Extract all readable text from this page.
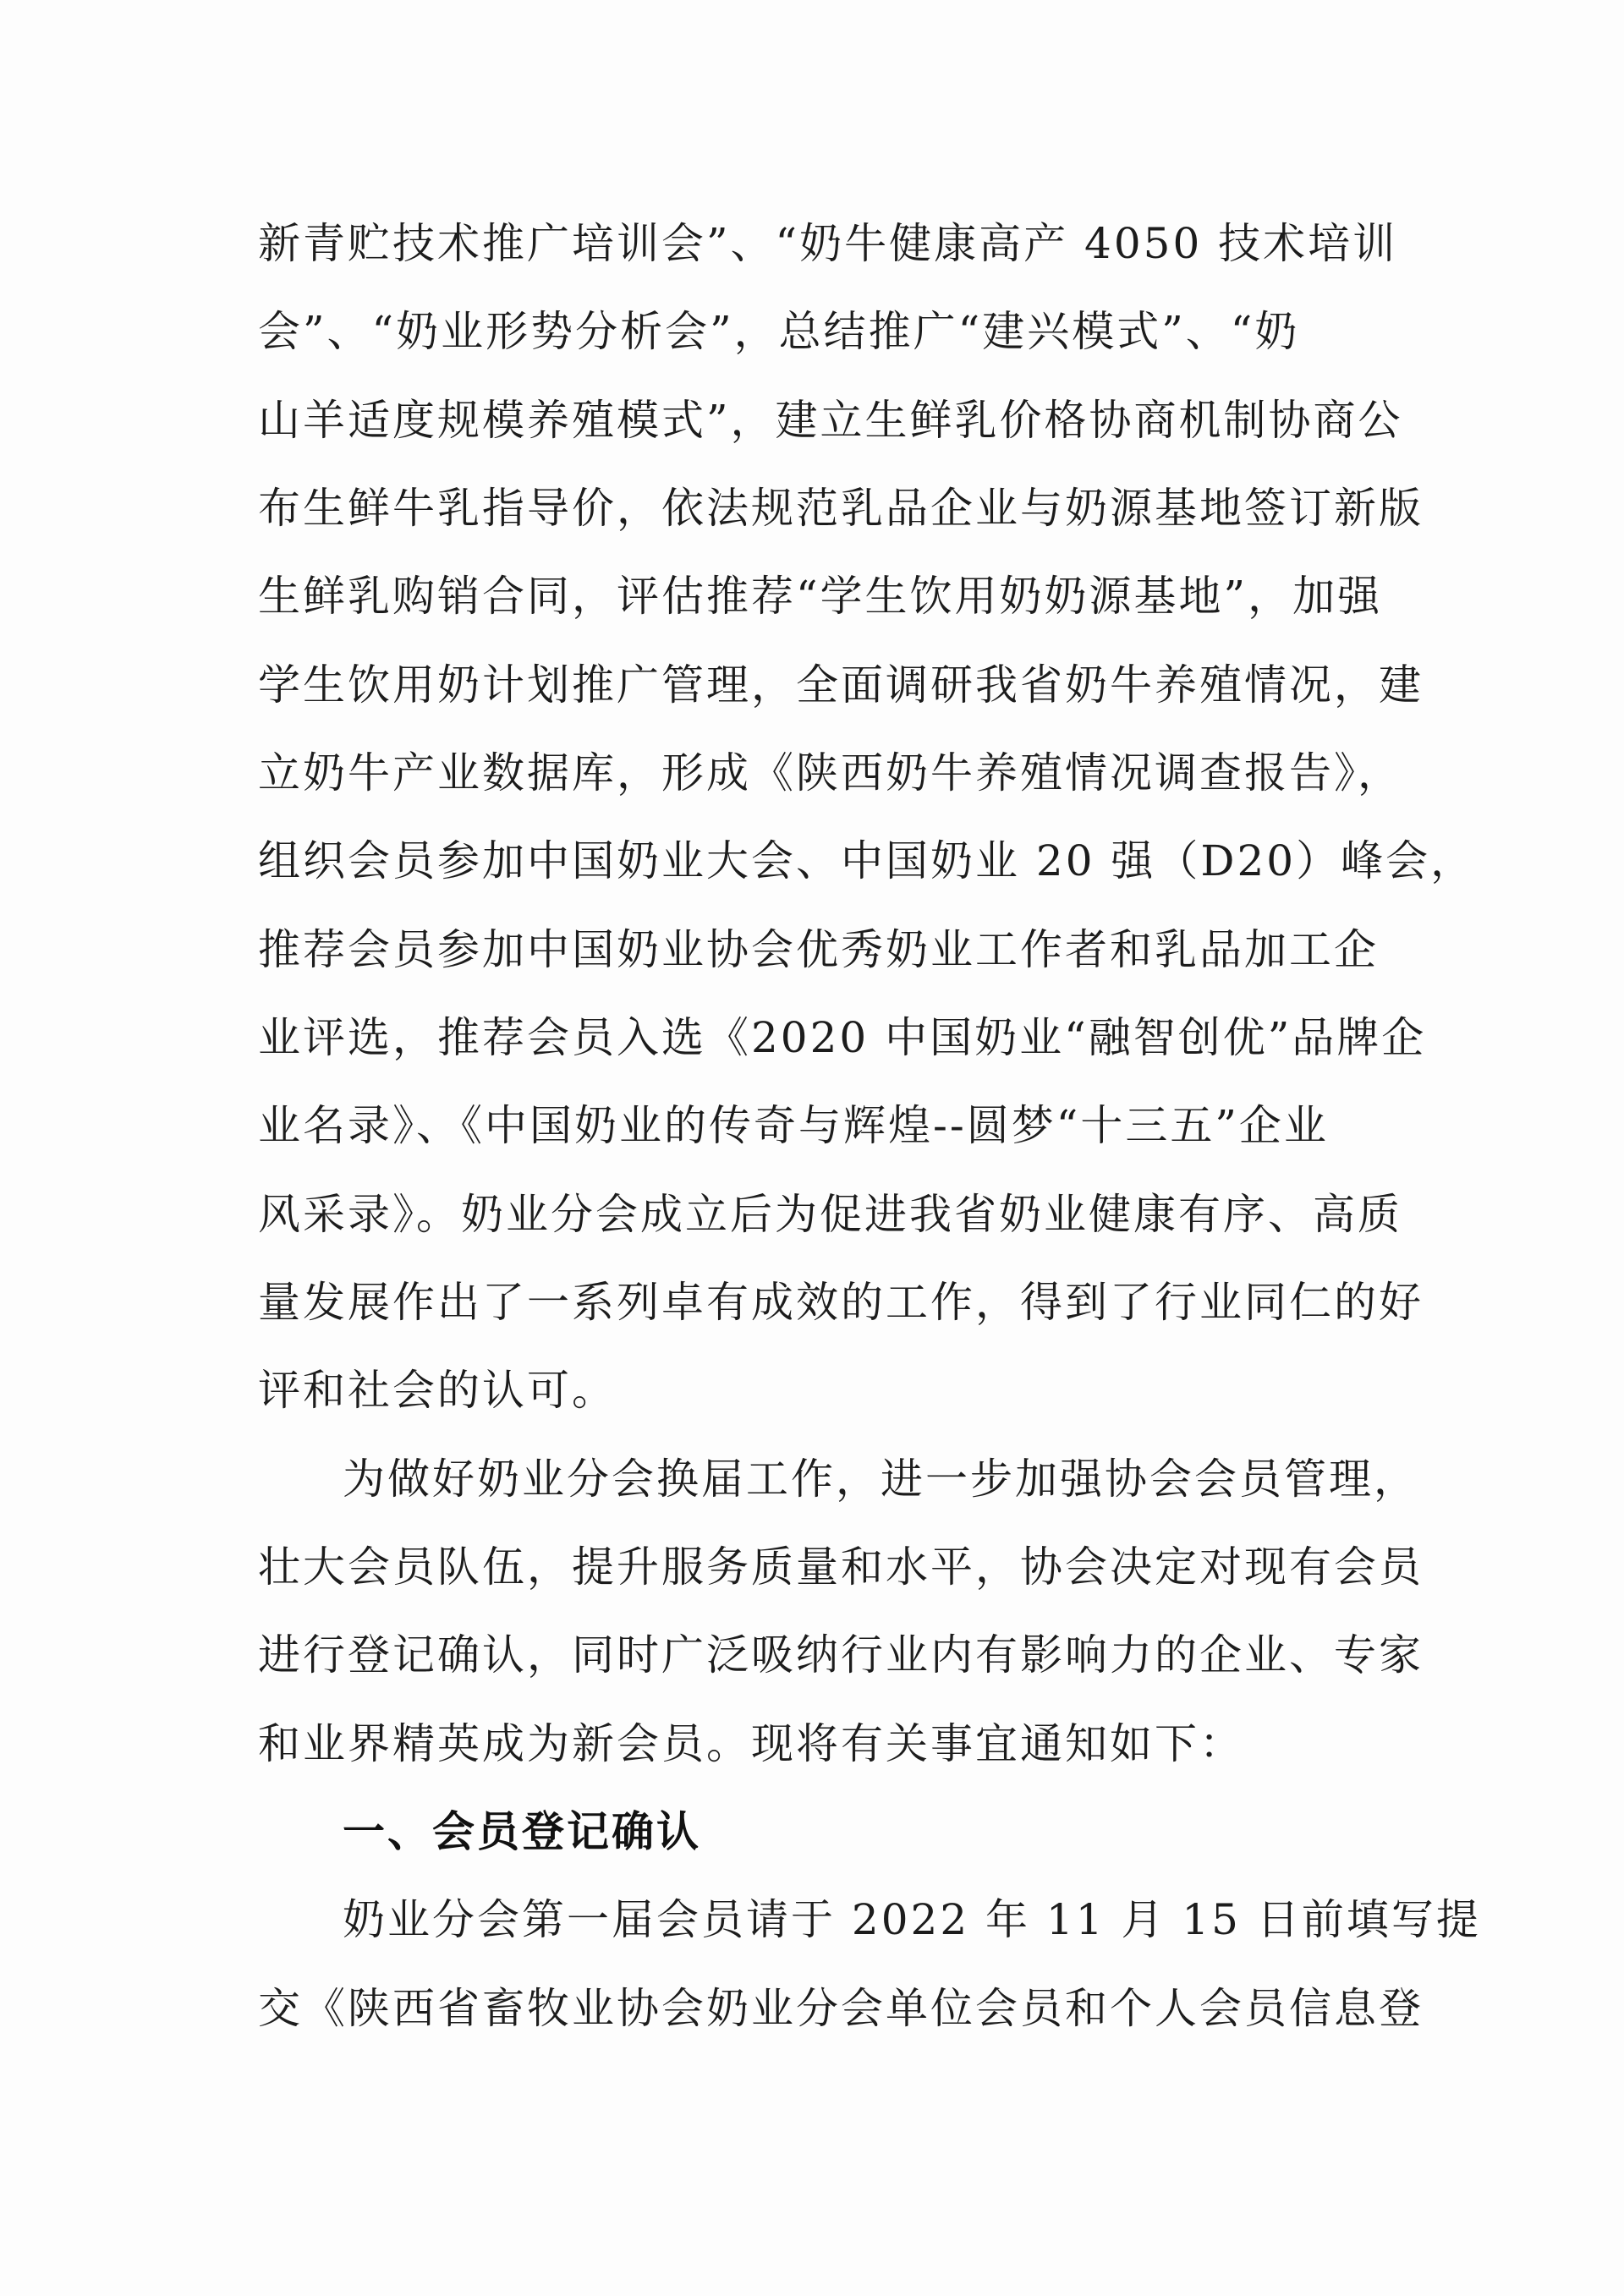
新青贮技术推广培训会”、“奶牛健康高产 4050 技术培训
会”、“奶业形势分析会”，总结推广“建兴模式”、“奶
山羊适度规模养殖模式”，建立生鲜乳价格协商机制协商公
布生鲜牛乳指导价，依法规范乳品企业与奶源基地签订新版
生鲜乳购销合同，评估推荐“学生饮用奶奶源基地”，加强
学生饮用奶计划推广管理，全面调研我省奶牛养殖情况，建
立奶牛产业数据库，形成《陕西奶牛养殖情况调查报告》，
组织会员参加中国奶业大会、中国奶业 20 强（D20）峰会，
推荐会员参加中国奶业协会优秀奶业工作者和乳品加工企
业评选，推荐会员入选《2020 中国奶业“融智创优”品牌企
业名录》、《中国奶业的传奇与辉煌--圆梦“十三五”企业
风采录》。奶业分会成立后为促进我省奶业健康有序、高质
量发展作出了一系列卓有成效的工作，得到了行业同仁的好
评和社会的认可。
为做好奶业分会换届工作，进一步加强协会会员管理，
壮大会员队伍，提升服务质量和水平，协会决定对现有会员
进行登记确认，同时广泛吸纳行业内有影响力的企业、专家
和业界精英成为新会员。现将有关事宜通知如下：
一、会员登记确认
奶业分会第一届会员请于 2022 年 11 月 15 日前填写提
交《陕西省畜牧业协会奶业分会单位会员和个人会员信息登
